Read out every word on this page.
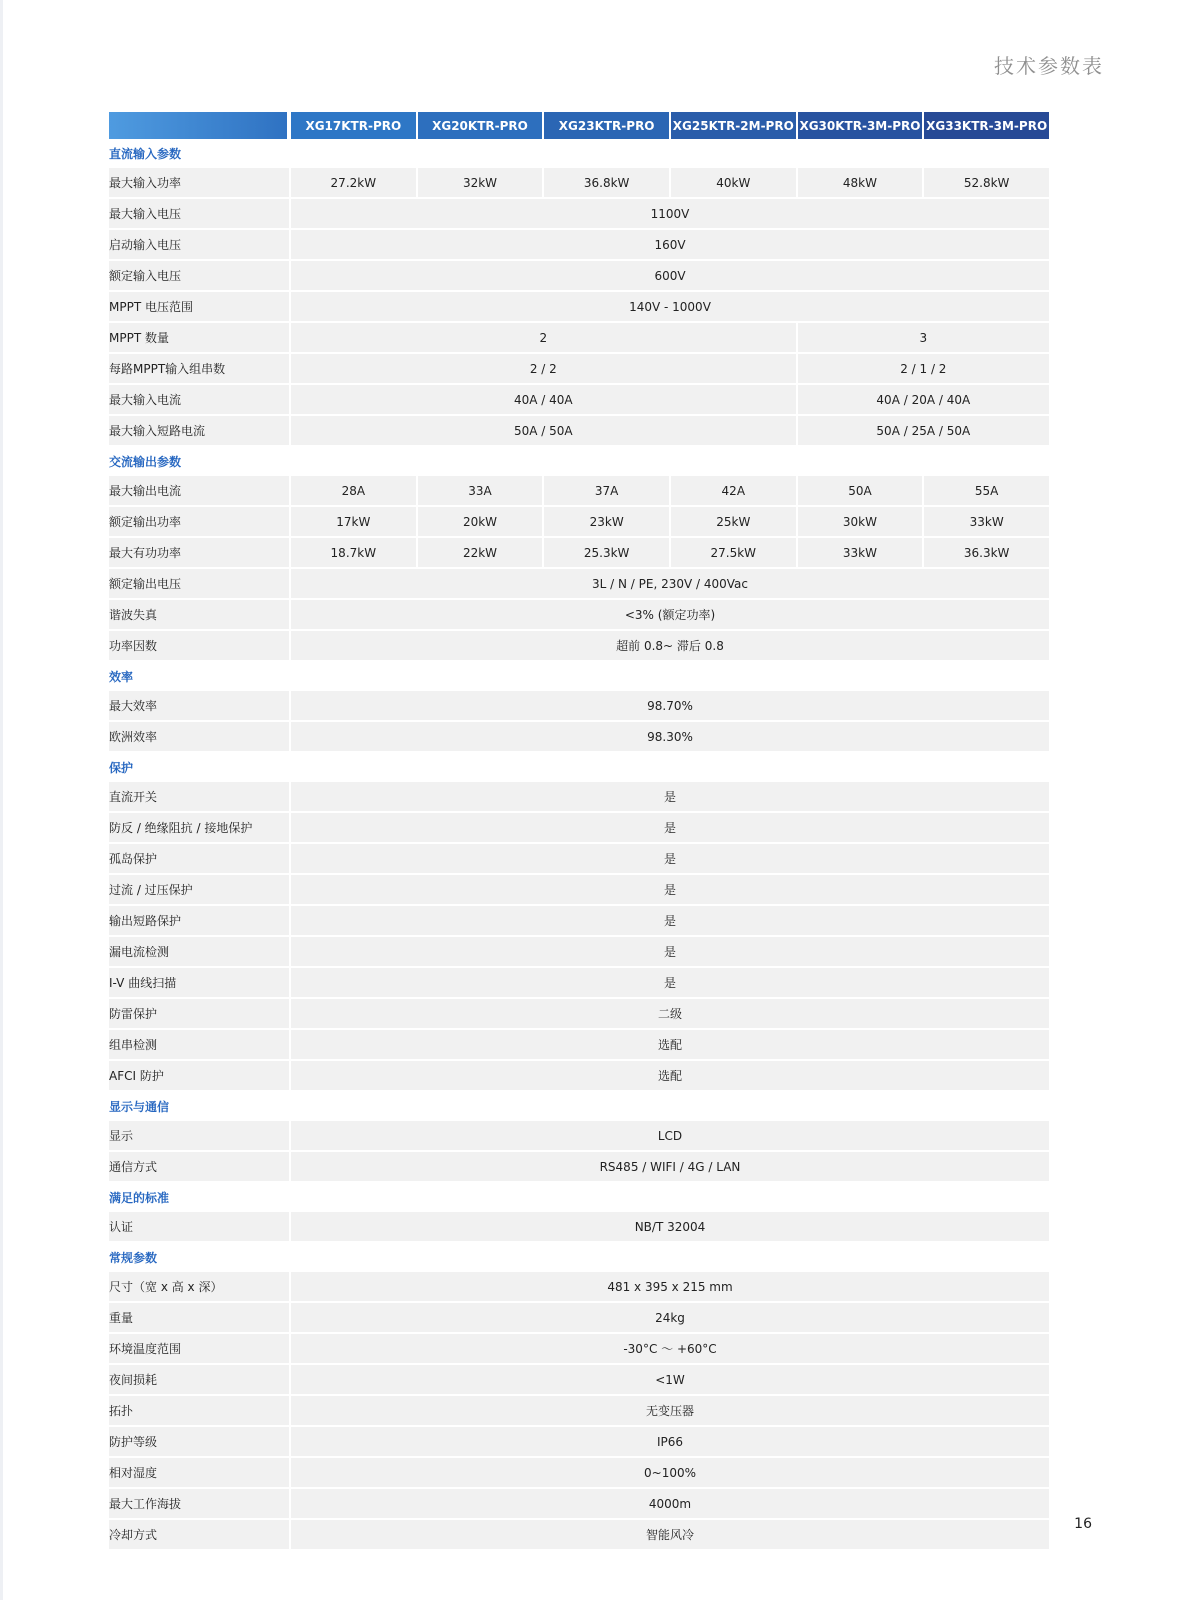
技术参数表
	XG17KTR-PRO	XG20KTR-PRO	XG23KTR-PRO	XG25KTR-2M-PRO	XG30KTR-3M-PRO	XG33KTR-3M-PRO
直流输入参数						
最大输入功率	27.2kW	32kW	36.8kW	40kW	48kW	52.8kW
最大输入电压	1100V					
启动输入电压	160V					
额定输入电压	600V					
MPPT 电压范围	140V - 1000V					
MPPT 数量	2				3	
每路MPPT输入组串数	2 / 2				2 / 1 / 2	
最大输入电流	40A / 40A				40A / 20A / 40A	
最大输入短路电流	50A / 50A				50A / 25A / 50A	
交流输出参数						
最大输出电流	28A	33A	37A	42A	50A	55A
额定输出功率	17kW	20kW	23kW	25kW	30kW	33kW
最大有功功率	18.7kW	22kW	25.3kW	27.5kW	33kW	36.3kW
额定输出电压	3L / N / PE, 230V / 400Vac					
谐波失真	<3% (额定功率)					
功率因数	超前 0.8~ 滞后 0.8					
效率						
最大效率	98.70%					
欧洲效率	98.30%					
保护						
直流开关	是					
防反 / 绝缘阻抗 / 接地保护	是					
孤岛保护	是					
过流 / 过压保护	是					
输出短路保护	是					
漏电流检测	是					
I-V 曲线扫描	是					
防雷保护	二级					
组串检测	选配					
AFCI 防护	选配					
显示与通信						
显示	LCD					
通信方式	RS485 / WIFI / 4G / LAN					
满足的标准						
认证	NB/T 32004					
常规参数						
尺寸（宽 x 高 x 深）	481 x 395 x 215 mm					
重量	24kg					
环境温度范围	-30°C ～ +60°C					
夜间损耗	<1W					
拓扑	无变压器					
防护等级	IP66					
相对湿度	0~100%					
最大工作海拔	4000m					
冷却方式	智能风冷					
16
